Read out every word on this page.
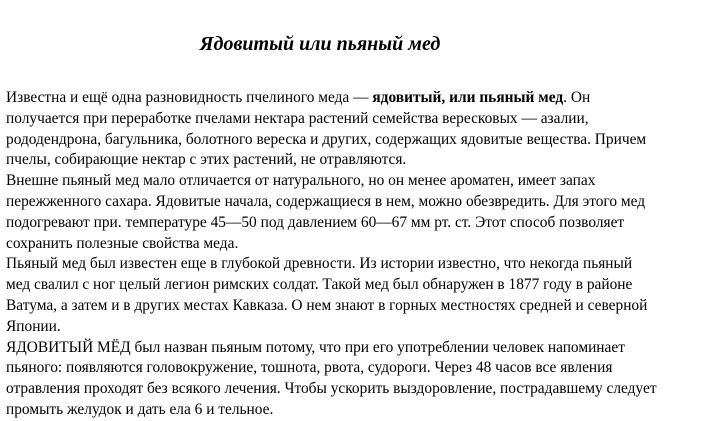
Ядовитый или пьяный мед
Известна и ещё одна разновидность пчелиного меда — ядовитый, или пьяный мед. Он
получается при переработке пчелами нектара растений семейства вересковых — азалии,
рододендрона, багульника, болотного вереска и других, содержащих ядовитые вещества. Причем
пчелы, собирающие нектар с этих растений, не отравляются.
Внешне пьяный мед мало отличается от натурального, но он менее ароматен, имеет запах
пережженного сахара. Ядовитые начала, содержащиеся в нем, можно обезвредить. Для этого мед
подогревают при. температуре 45—50 под давлением 60—67 мм рт. ст. Этот способ позволяет
сохранить полезные свойства меда.
Пьяный мед был известен еще в глубокой древности. Из истории известно, что некогда пьяный
мед свалил с ног целый легион римских солдат. Такой мед был обнаружен в 1877 году в районе
Ватума, а затем и в других местах Кавказа. О нем знают в горных местностях средней и северной
Японии.
ЯДОВИТЫЙ МЁД был назван пьяным потому, что при его употреблении человек напоминает
пьяного: появляются головокружение, тошнота, рвота, судороги. Через 48 часов все явления
отравления проходят без всякого лечения. Чтобы ускорить выздоровление, пострадавшему следует
промыть желудок и дать ела 6 и тельное.
